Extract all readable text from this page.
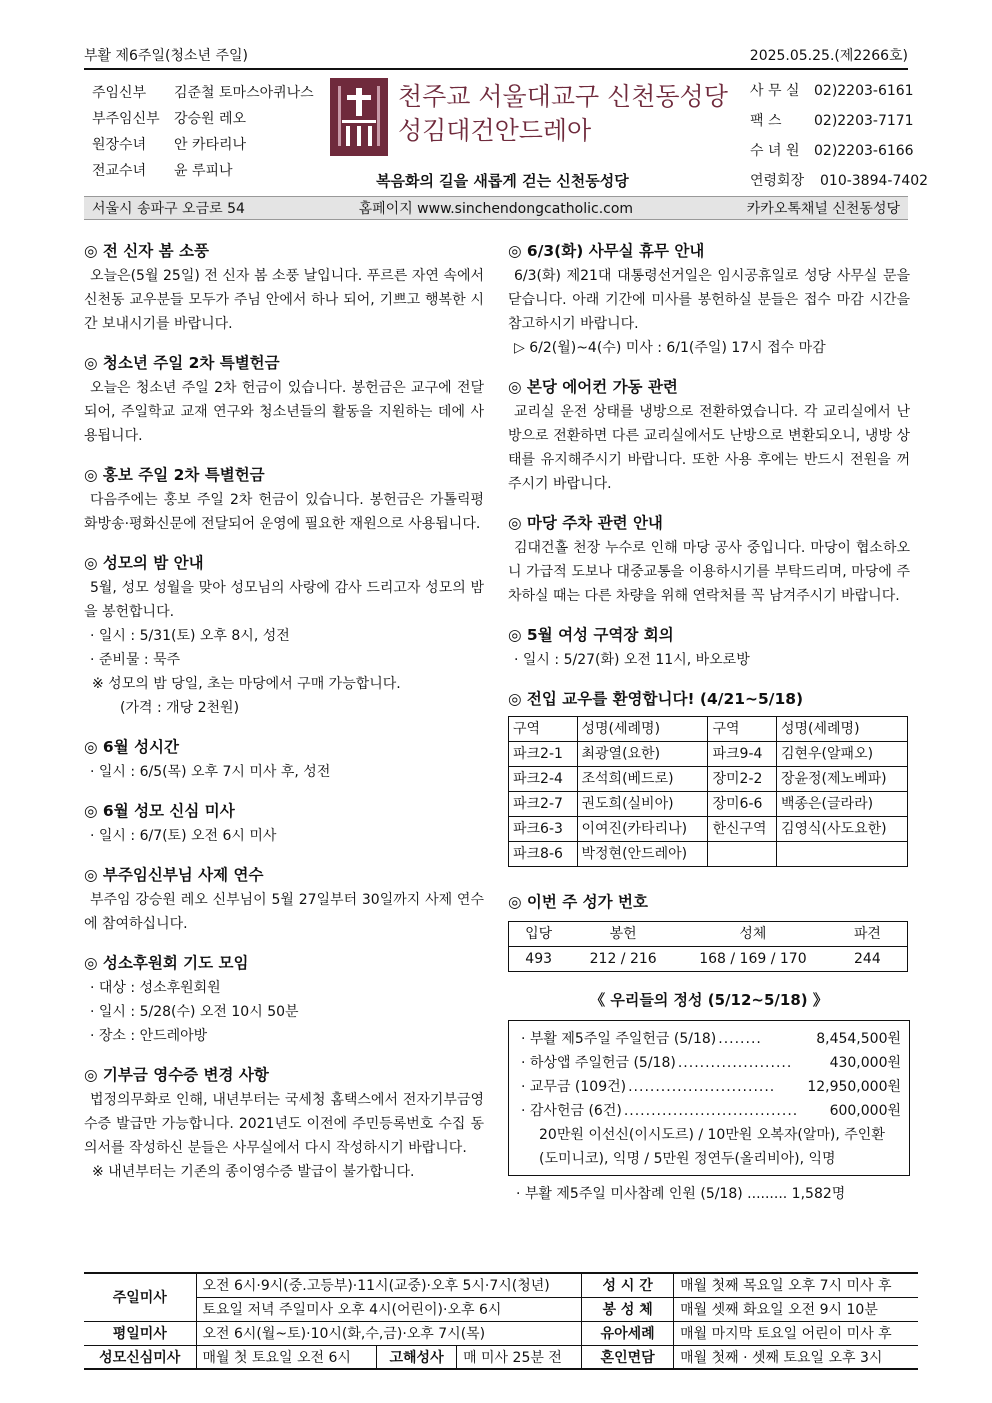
부활 제6주일(청소년 주일)	2025.05.25.(제2266호)
주임신부	김준철 토마스아퀴나스
부주임신부	강승원 레오
원장수녀	안 카타리나
전교수녀	윤 루피나
천주교 서울대교구 신천동성당
성김대건안드레아
복음화의 길을 새롭게 걷는 신천동성당
사 무 실	02)2203-6161
팩 스	02)2203-7171
수 녀 원	02)2203-6166
연령회장	010-3894-7402
서울시 송파구 오금로 54	홈페이지 www.sinchendongcatholic.com	카카오톡채널 신천동성당
◎ 전 신자 봄 소풍
오늘은(5월 25일) 전 신자 봄 소풍 날입니다. 푸르른 자연 속에서 신천동 교우분들 모두가 주님 안에서 하나 되어, 기쁘고 행복한 시간 보내시기를 바랍니다.
◎ 청소년 주일 2차 특별헌금
오늘은 청소년 주일 2차 헌금이 있습니다. 봉헌금은 교구에 전달되어, 주일학교 교재 연구와 청소년들의 활동을 지원하는 데에 사용됩니다.
◎ 홍보 주일 2차 특별헌금
다음주에는 홍보 주일 2차 헌금이 있습니다. 봉헌금은 가톨릭평화방송·평화신문에 전달되어 운영에 필요한 재원으로 사용됩니다.
◎ 성모의 밤 안내
5월, 성모 성월을 맞아 성모님의 사랑에 감사 드리고자 성모의 밤을 봉헌합니다.
· 일시 : 5/31(토) 오후 8시, 성전
· 준비물 : 묵주
※ 성모의 밤 당일, 초는 마당에서 구매 가능합니다.
(가격 : 개당 2천원)
◎ 6월 성시간
· 일시 : 6/5(목) 오후 7시 미사 후, 성전
◎ 6월 성모 신심 미사
· 일시 : 6/7(토) 오전 6시 미사
◎ 부주임신부님 사제 연수
부주임 강승원 레오 신부님이 5월 27일부터 30일까지 사제 연수에 참여하십니다.
◎ 성소후원회 기도 모임
· 대상 : 성소후원회원
· 일시 : 5/28(수) 오전 10시 50분
· 장소 : 안드레아방
◎ 기부금 영수증 변경 사항
법정의무화로 인해, 내년부터는 국세청 홈택스에서 전자기부금영수증 발급만 가능합니다. 2021년도 이전에 주민등록번호 수집 동의서를 작성하신 분들은 사무실에서 다시 작성하시기 바랍니다.
※ 내년부터는 기존의 종이영수증 발급이 불가합니다.
◎ 6/3(화) 사무실 휴무 안내
6/3(화) 제21대 대통령선거일은 임시공휴일로 성당 사무실 문을 닫습니다. 아래 기간에 미사를 봉헌하실 분들은 접수 마감 시간을 참고하시기 바랍니다.
▷ 6/2(월)~4(수) 미사 : 6/1(주일) 17시 접수 마감
◎ 본당 에어컨 가동 관련
교리실 운전 상태를 냉방으로 전환하였습니다. 각 교리실에서 난방으로 전환하면 다른 교리실에서도 난방으로 변환되오니, 냉방 상태를 유지해주시기 바랍니다. 또한 사용 후에는 반드시 전원을 꺼주시기 바랍니다.
◎ 마당 주차 관련 안내
김대건홀 천장 누수로 인해 마당 공사 중입니다. 마당이 협소하오니 가급적 도보나 대중교통을 이용하시기를 부탁드리며, 마당에 주차하실 때는 다른 차량을 위해 연락처를 꼭 남겨주시기 바랍니다.
◎ 5월 여성 구역장 회의
· 일시 : 5/27(화) 오전 11시, 바오로방
◎ 전입 교우를 환영합니다! (4/21~5/18)
구역	성명(세례명)	구역	성명(세례명)
파크2-1	최광열(요한)	파크9-4	김현우(알패오)
파크2-4	조석희(베드로)	장미2-2	장윤정(제노베파)
파크2-7	권도희(실비아)	장미6-6	백종은(글라라)
파크6-3	이여진(카타리나)	한신구역	김영식(사도요한)
파크8-6	박정현(안드레아)		
◎ 이번 주 성가 번호
입당	봉헌	성체	파견
493	212 / 216	168 / 169 / 170	244
《 우리들의 정성 (5/12~5/18) 》
· 부활 제5주일 주일헌금 (5/18) ........	8,454,500원
· 하상앱 주일헌금 (5/18) .....................	430,000원
· 교무금 (109건) ...........................	12,950,000원
· 감사헌금 (6건) ................................	600,000원
20만원 이선신(이시도르) / 10만원 오복자(알마), 주인환(도미니코), 익명 / 5만원 정연두(올리비아), 익명
· 부활 제5주일 미사참례 인원 (5/18) ......... 1,582명
주일미사	오전 6시·9시(중.고등부)·11시(교중)·오후 5시·7시(청년)			성 시 간	매월 첫째 목요일 오후 7시 미사 후
	토요일 저녁 주일미사 오후 4시(어린이)·오후 6시			봉 성 체	매월 셋째 화요일 오전 9시 10분
평일미사	오전 6시(월~토)·10시(화,수,금)·오후 7시(목)			유아세례	매월 마지막 토요일 어린이 미사 후
성모신심미사	매월 첫 토요일 오전 6시	고해성사	매 미사 25분 전	혼인면담	매월 첫째 · 셋째 토요일 오후 3시
